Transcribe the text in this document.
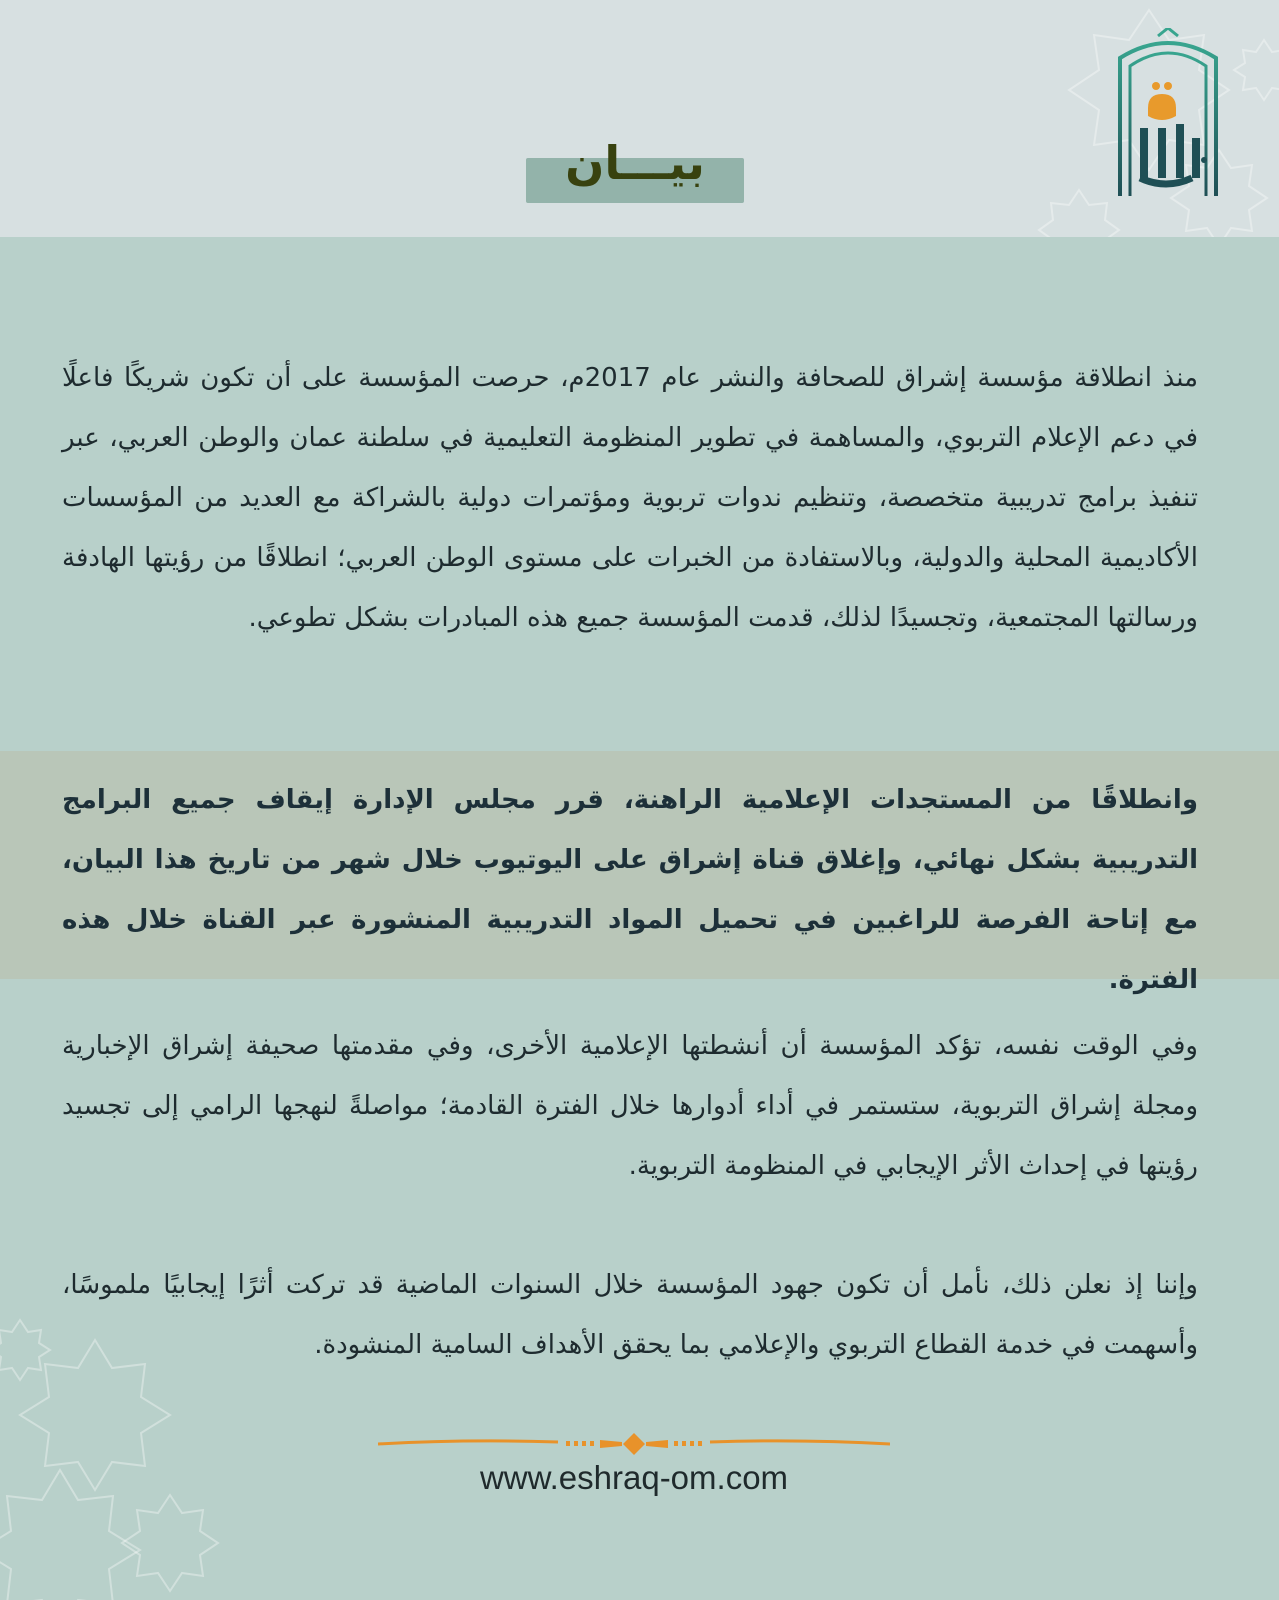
بيـــان
منذ انطلاقة مؤسسة إشراق للصحافة والنشر عام 2017م، حرصت المؤسسة على أن تكون شريكًا فاعلًا في دعم الإعلام التربوي، والمساهمة في تطوير المنظومة التعليمية في سلطنة عمان والوطن العربي، عبر تنفيذ برامج تدريبية متخصصة، وتنظيم ندوات تربوية ومؤتمرات دولية بالشراكة مع العديد من المؤسسات الأكاديمية المحلية والدولية، وبالاستفادة من الخبرات على مستوى الوطن العربي؛ انطلاقًا من رؤيتها الهادفة ورسالتها المجتمعية، وتجسيدًا لذلك، قدمت المؤسسة جميع هذه المبادرات بشكل تطوعي.
وانطلاقًا من المستجدات الإعلامية الراهنة، قرر مجلس الإدارة إيقاف جميع البرامج التدريبية بشكل نهائي، وإغلاق قناة إشراق على اليوتيوب خلال شهر من تاريخ هذا البيان، مع إتاحة الفرصة للراغبين في تحميل المواد التدريبية المنشورة عبر القناة خلال هذه الفترة.
وفي الوقت نفسه، تؤكد المؤسسة أن أنشطتها الإعلامية الأخرى، وفي مقدمتها صحيفة إشراق الإخبارية ومجلة إشراق التربوية، ستستمر في أداء أدوارها خلال الفترة القادمة؛ مواصلةً لنهجها الرامي إلى تجسيد رؤيتها في إحداث الأثر الإيجابي في المنظومة التربوية.
وإننا إذ نعلن ذلك، نأمل أن تكون جهود المؤسسة خلال السنوات الماضية قد تركت أثرًا إيجابيًا ملموسًا، وأسهمت في خدمة القطاع التربوي والإعلامي بما يحقق الأهداف السامية المنشودة.
www.eshraq-om.com
